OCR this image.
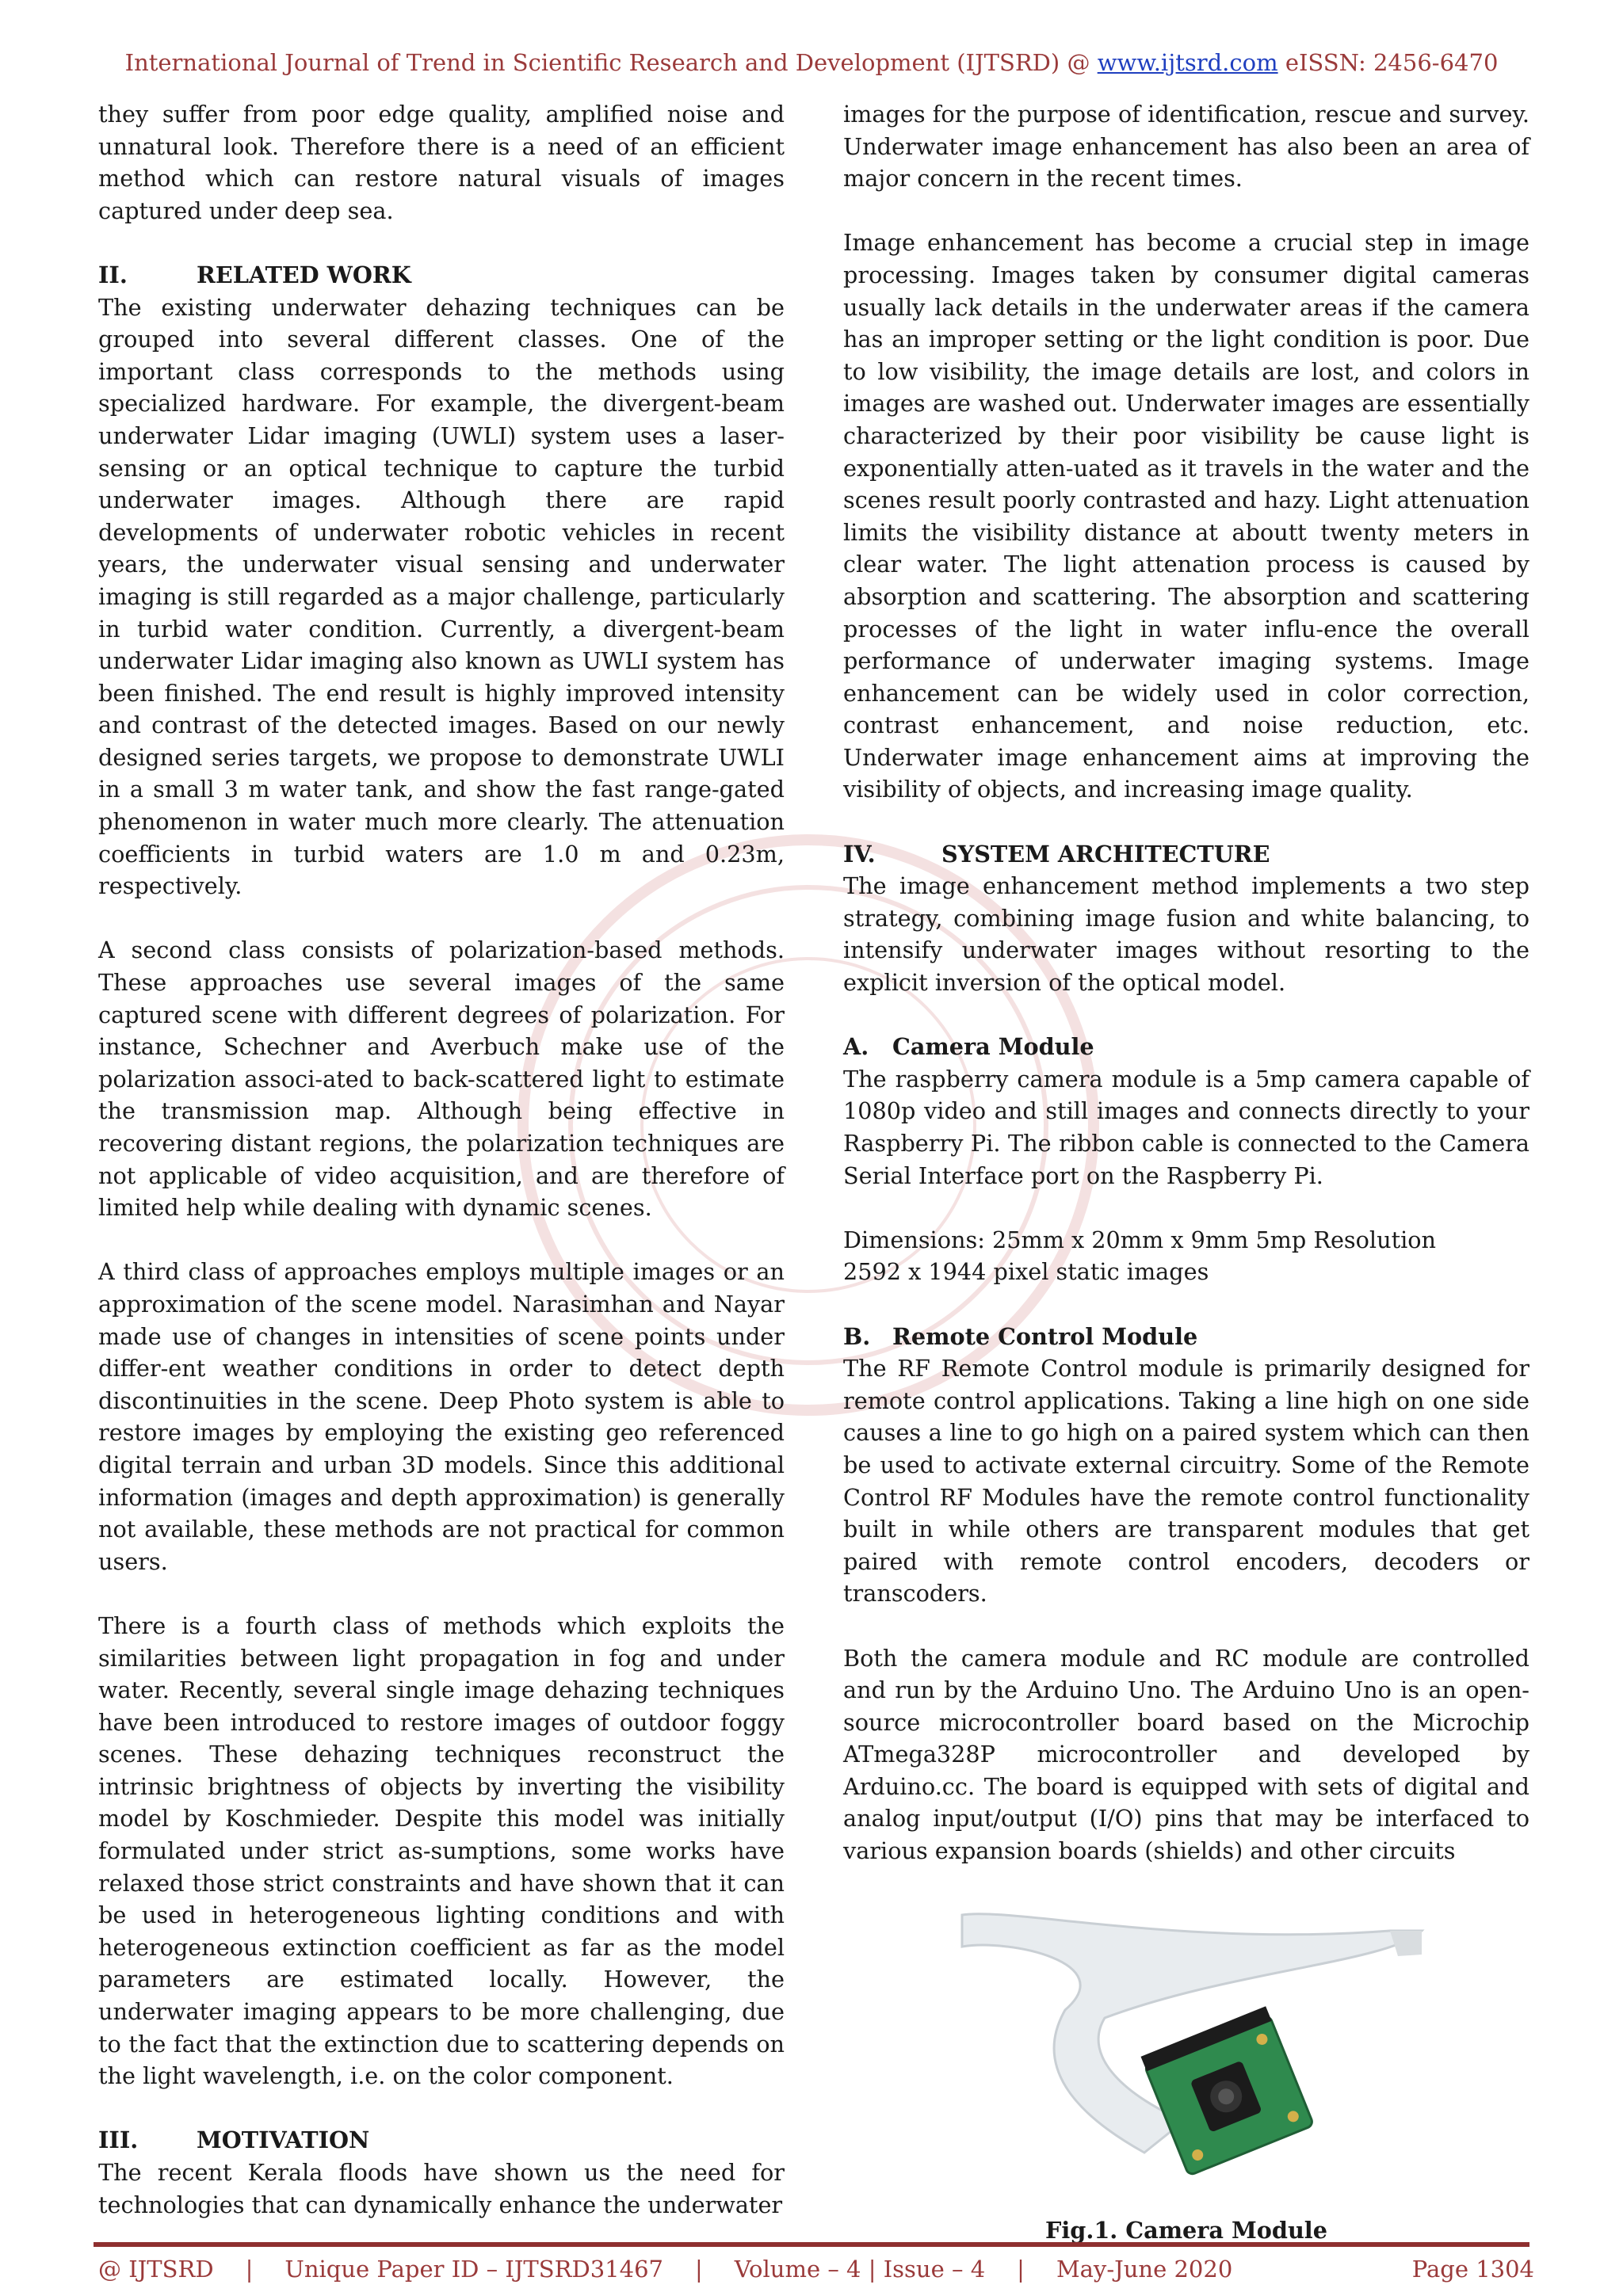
International Journal of Trend in Scientific Research and Development (IJTSRD) @ www.ijtsrd.com eISSN: 2456-6470

they suffer from poor edge quality, amplified noise and unnatural look. Therefore there is a need of an efficient method which can restore natural visuals of images captured under deep sea.

II.	RELATED WORK

The existing underwater dehazing techniques can be grouped into several different classes. One of the important class corresponds to the methods using specialized hardware. For example, the divergent-beam underwater Lidar imaging (UWLI) system uses a laser-sensing or an optical technique to capture the turbid underwater images. Although there are rapid developments of underwater robotic vehicles in recent years, the underwater visual sensing and underwater imaging is still regarded as a major challenge, particularly in turbid water condition. Currently, a divergent-beam underwater Lidar imaging also known as UWLI system has been finished. The end result is highly improved intensity and contrast of the detected images. Based on our newly designed series targets, we propose to demonstrate UWLI in a small 3 m water tank, and show the fast range-gated phenomenon in water much more clearly. The attenuation coefficients in turbid waters are 1.0 m and 0.23m, respectively.

A second class consists of polarization-based methods. These approaches use several images of the same captured scene with different degrees of polarization. For instance, Schechner and Averbuch make use of the polarization associ-ated to back-scattered light to estimate the transmission map. Although being effective in recovering distant regions, the polarization techniques are not applicable of video acquisition, and are therefore of limited help while dealing with dynamic scenes.

A third class of approaches employs multiple images or an approximation of the scene model. Narasimhan and Nayar made use of changes in intensities of scene points under differ-ent weather conditions in order to detect depth discontinuities in the scene. Deep Photo system is able to restore images by employing the existing geo referenced digital terrain and urban 3D models. Since this additional information (images and depth approximation) is generally not available, these methods are not practical for common users.

There is a fourth class of methods which exploits the similarities between light propagation in fog and under water. Recently, several single image dehazing techniques have been introduced to restore images of outdoor foggy scenes. These dehazing techniques reconstruct the intrinsic brightness of objects by inverting the visibility model by Koschmieder. Despite this model was initially formulated under strict as-sumptions, some works have relaxed those strict constraints and have shown that it can be used in heterogeneous lighting conditions and with heterogeneous extinction coefficient as far as the model parameters are estimated locally. However, the underwater imaging appears to be more challenging, due to the fact that the extinction due to scattering depends on the light wavelength, i.e. on the color component.

III.	MOTIVATION

The recent Kerala floods have shown us the need for technologies that can dynamically enhance the underwater

images for the purpose of identification, rescue and survey. Underwater image enhancement has also been an area of major concern in the recent times.

Image enhancement has become a crucial step in image processing. Images taken by consumer digital cameras usually lack details in the underwater areas if the camera has an improper setting or the light condition is poor. Due to low visibility, the image details are lost, and colors in images are washed out. Underwater images are essentially characterized by their poor visibility be cause light is exponentially atten-uated as it travels in the water and the scenes result poorly contrasted and hazy. Light attenuation limits the visibility distance at aboutt twenty meters in clear water. The light attenation process is caused by absorption and scattering. The absorption and scattering processes of the light in water influ-ence the overall performance of underwater imaging systems. Image enhancement can be widely used in color correction, contrast enhancement, and noise reduction, etc. Underwater image enhancement aims at improving the visibility of objects, and increasing image quality.

IV.	SYSTEM ARCHITECTURE

The image enhancement method implements a two step strategy, combining image fusion and white balancing, to intensify underwater images without resorting to the explicit inversion of the optical model.

A.	Camera Module

The raspberry camera module is a 5mp camera capable of 1080p video and still images and connects directly to your Raspberry Pi. The ribbon cable is connected to the Camera Serial Interface port on the Raspberry Pi.

Dimensions: 25mm x 20mm x 9mm 5mp Resolution

2592 x 1944 pixel static images

B. Remote Control Module

The RF Remote Control module is primarily designed for remote control applications. Taking a line high on one side causes a line to go high on a paired system which can then be used to activate external circuitry. Some of the Remote Control RF Modules have the remote control functionality built in while others are transparent modules that get paired with remote control encoders, decoders or transcoders.

Both the camera module and RC module are controlled and run by the Arduino Uno. The Arduino Uno is an open-source microcontroller board based on the Microchip ATmega328P microcontroller and developed by Arduino.cc. The board is equipped with sets of digital and analog input/output (I/O) pins that may be interfaced to various expansion boards (shields) and other circuits

Fig.1. Camera Module
@ IJTSRD | Unique Paper ID – IJTSRD31467 | Volume – 4 | Issue – 4 | May-June 2020	Page 1304
